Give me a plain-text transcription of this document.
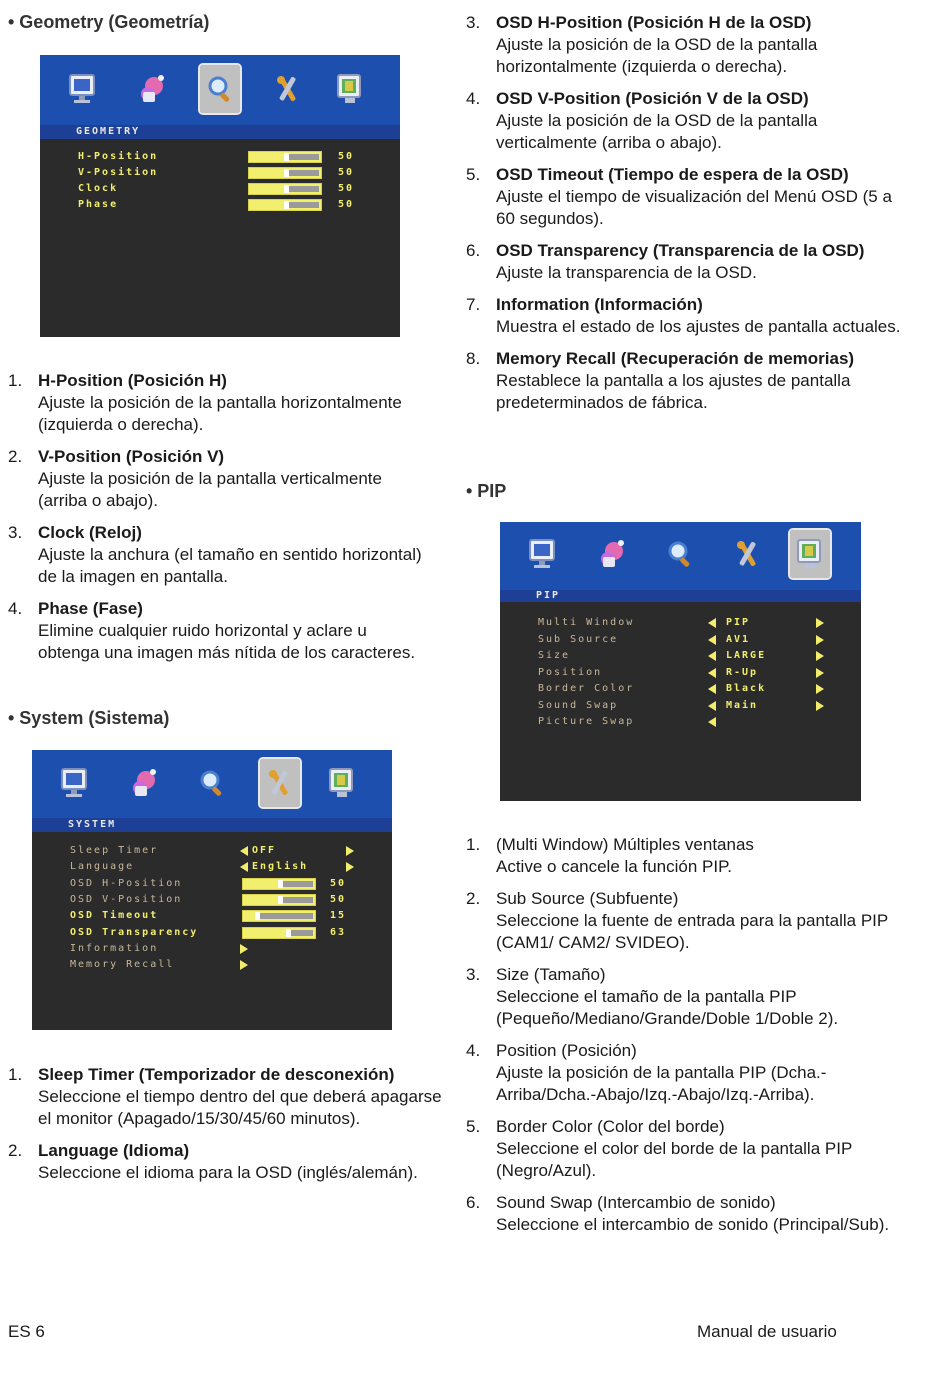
• Geometry (Geometría)
GEOMETRY
H-Position	50
V-Position	50
Clock	50
Phase	50
1. H-Position (Posición H)
Ajuste la posición de la pantalla horizontalmente (izquierda o derecha).
2. V-Position (Posición V)
Ajuste la posición de la pantalla verticalmente (arriba o abajo).
3. Clock (Reloj)
Ajuste la anchura (el tamaño en sentido horizontal) de la imagen en pantalla.
4. Phase (Fase)
Elimine cualquier ruido horizontal y aclare u obtenga una imagen más nítida de los caracteres.
• System (Sistema)
SYSTEM
Sleep Timer	OFF
Language	English
OSD H-Position	50
OSD V-Position	50
OSD Timeout	15
OSD Transparency	63
Information
Memory Recall
1. Sleep Timer (Temporizador de desconexión)
Seleccione el tiempo dentro del que deberá apagarse el monitor (Apagado/15/30/45/60 minutos).
2. Language (Idioma)
Seleccione el idioma para la OSD (inglés/alemán).
3. OSD H-Position (Posición H de la OSD)
Ajuste la posición de la OSD de la pantalla horizontalmente (izquierda o derecha).
4. OSD V-Position (Posición V de la OSD)
Ajuste la posición de la OSD de la pantalla verticalmente (arriba o abajo).
5. OSD Timeout (Tiempo de espera de la OSD)
Ajuste el tiempo de visualización del Menú OSD (5 a 60 segundos).
6. OSD Transparency (Transparencia de la OSD)
Ajuste la transparencia de la OSD.
7. Information (Información)
Muestra el estado de los ajustes de pantalla actuales.
8. Memory Recall (Recuperación de memorias)
Restablece la pantalla a los ajustes de pantalla predeterminados de fábrica.
• PIP
PIP
Multi Window	PIP
Sub Source	AV1
Size	LARGE
Position	R-Up
Border Color	Black
Sound Swap	Main
Picture Swap
1. (Multi Window) Múltiples ventanas
Active o cancele la función PIP.
2. Sub Source (Subfuente)
Seleccione la fuente de entrada para la pantalla PIP (CAM1/ CAM2/ SVIDEO).
3. Size (Tamaño)
Seleccione el tamaño de la pantalla PIP (Pequeño/Mediano/Grande/Doble 1/Doble 2).
4. Position (Posición)
Ajuste la posición de la pantalla PIP (Dcha.-Arriba/Dcha.-Abajo/Izq.-Abajo/Izq.-Arriba).
5. Border Color (Color del borde)
Seleccione el color del borde de la pantalla PIP (Negro/Azul).
6. Sound Swap (Intercambio de sonido)
Seleccione el intercambio de sonido (Principal/Sub).
ES 6	Manual de usuario
